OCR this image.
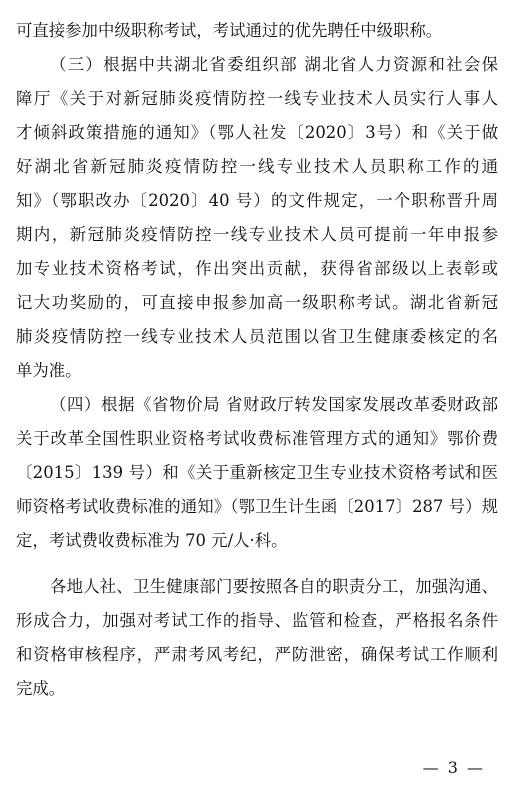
可直接参加中级职称考试，考试通过的优先聘任中级职称。
（三）根据中共湖北省委组织部 湖北省人力资源和社会保
障厅《关于对新冠肺炎疫情防控一线专业技术人员实行人事人
才倾斜政策措施的通知》（鄂人社发〔2020〕3号）和《关于做
好湖北省新冠肺炎疫情防控一线专业技术人员职称工作的通
知》（鄂职改办〔2020〕40 号）的文件规定，一个职称晋升周
期内，新冠肺炎疫情防控一线专业技术人员可提前一年申报参
加专业技术资格考试，作出突出贡献，获得省部级以上表彰或
记大功奖励的，可直接申报参加高一级职称考试。湖北省新冠
肺炎疫情防控一线专业技术人员范围以省卫生健康委核定的名
单为准。
（四）根据《省物价局 省财政厅转发国家发展改革委财政部
关于改革全国性职业资格考试收费标准管理方式的通知》鄂价费
〔2015〕139 号）和《关于重新核定卫生专业技术资格考试和医
师资格考试收费标准的通知》（鄂卫生计生函〔2017〕287 号）规
定，考试费收费标准为 70 元/人·科。
各地人社、卫生健康部门要按照各自的职责分工，加强沟通、
形成合力，加强对考试工作的指导、监管和检查，严格报名条件
和资格审核程序，严肃考风考纪，严防泄密，确保考试工作顺利
完成。
— 3 —
